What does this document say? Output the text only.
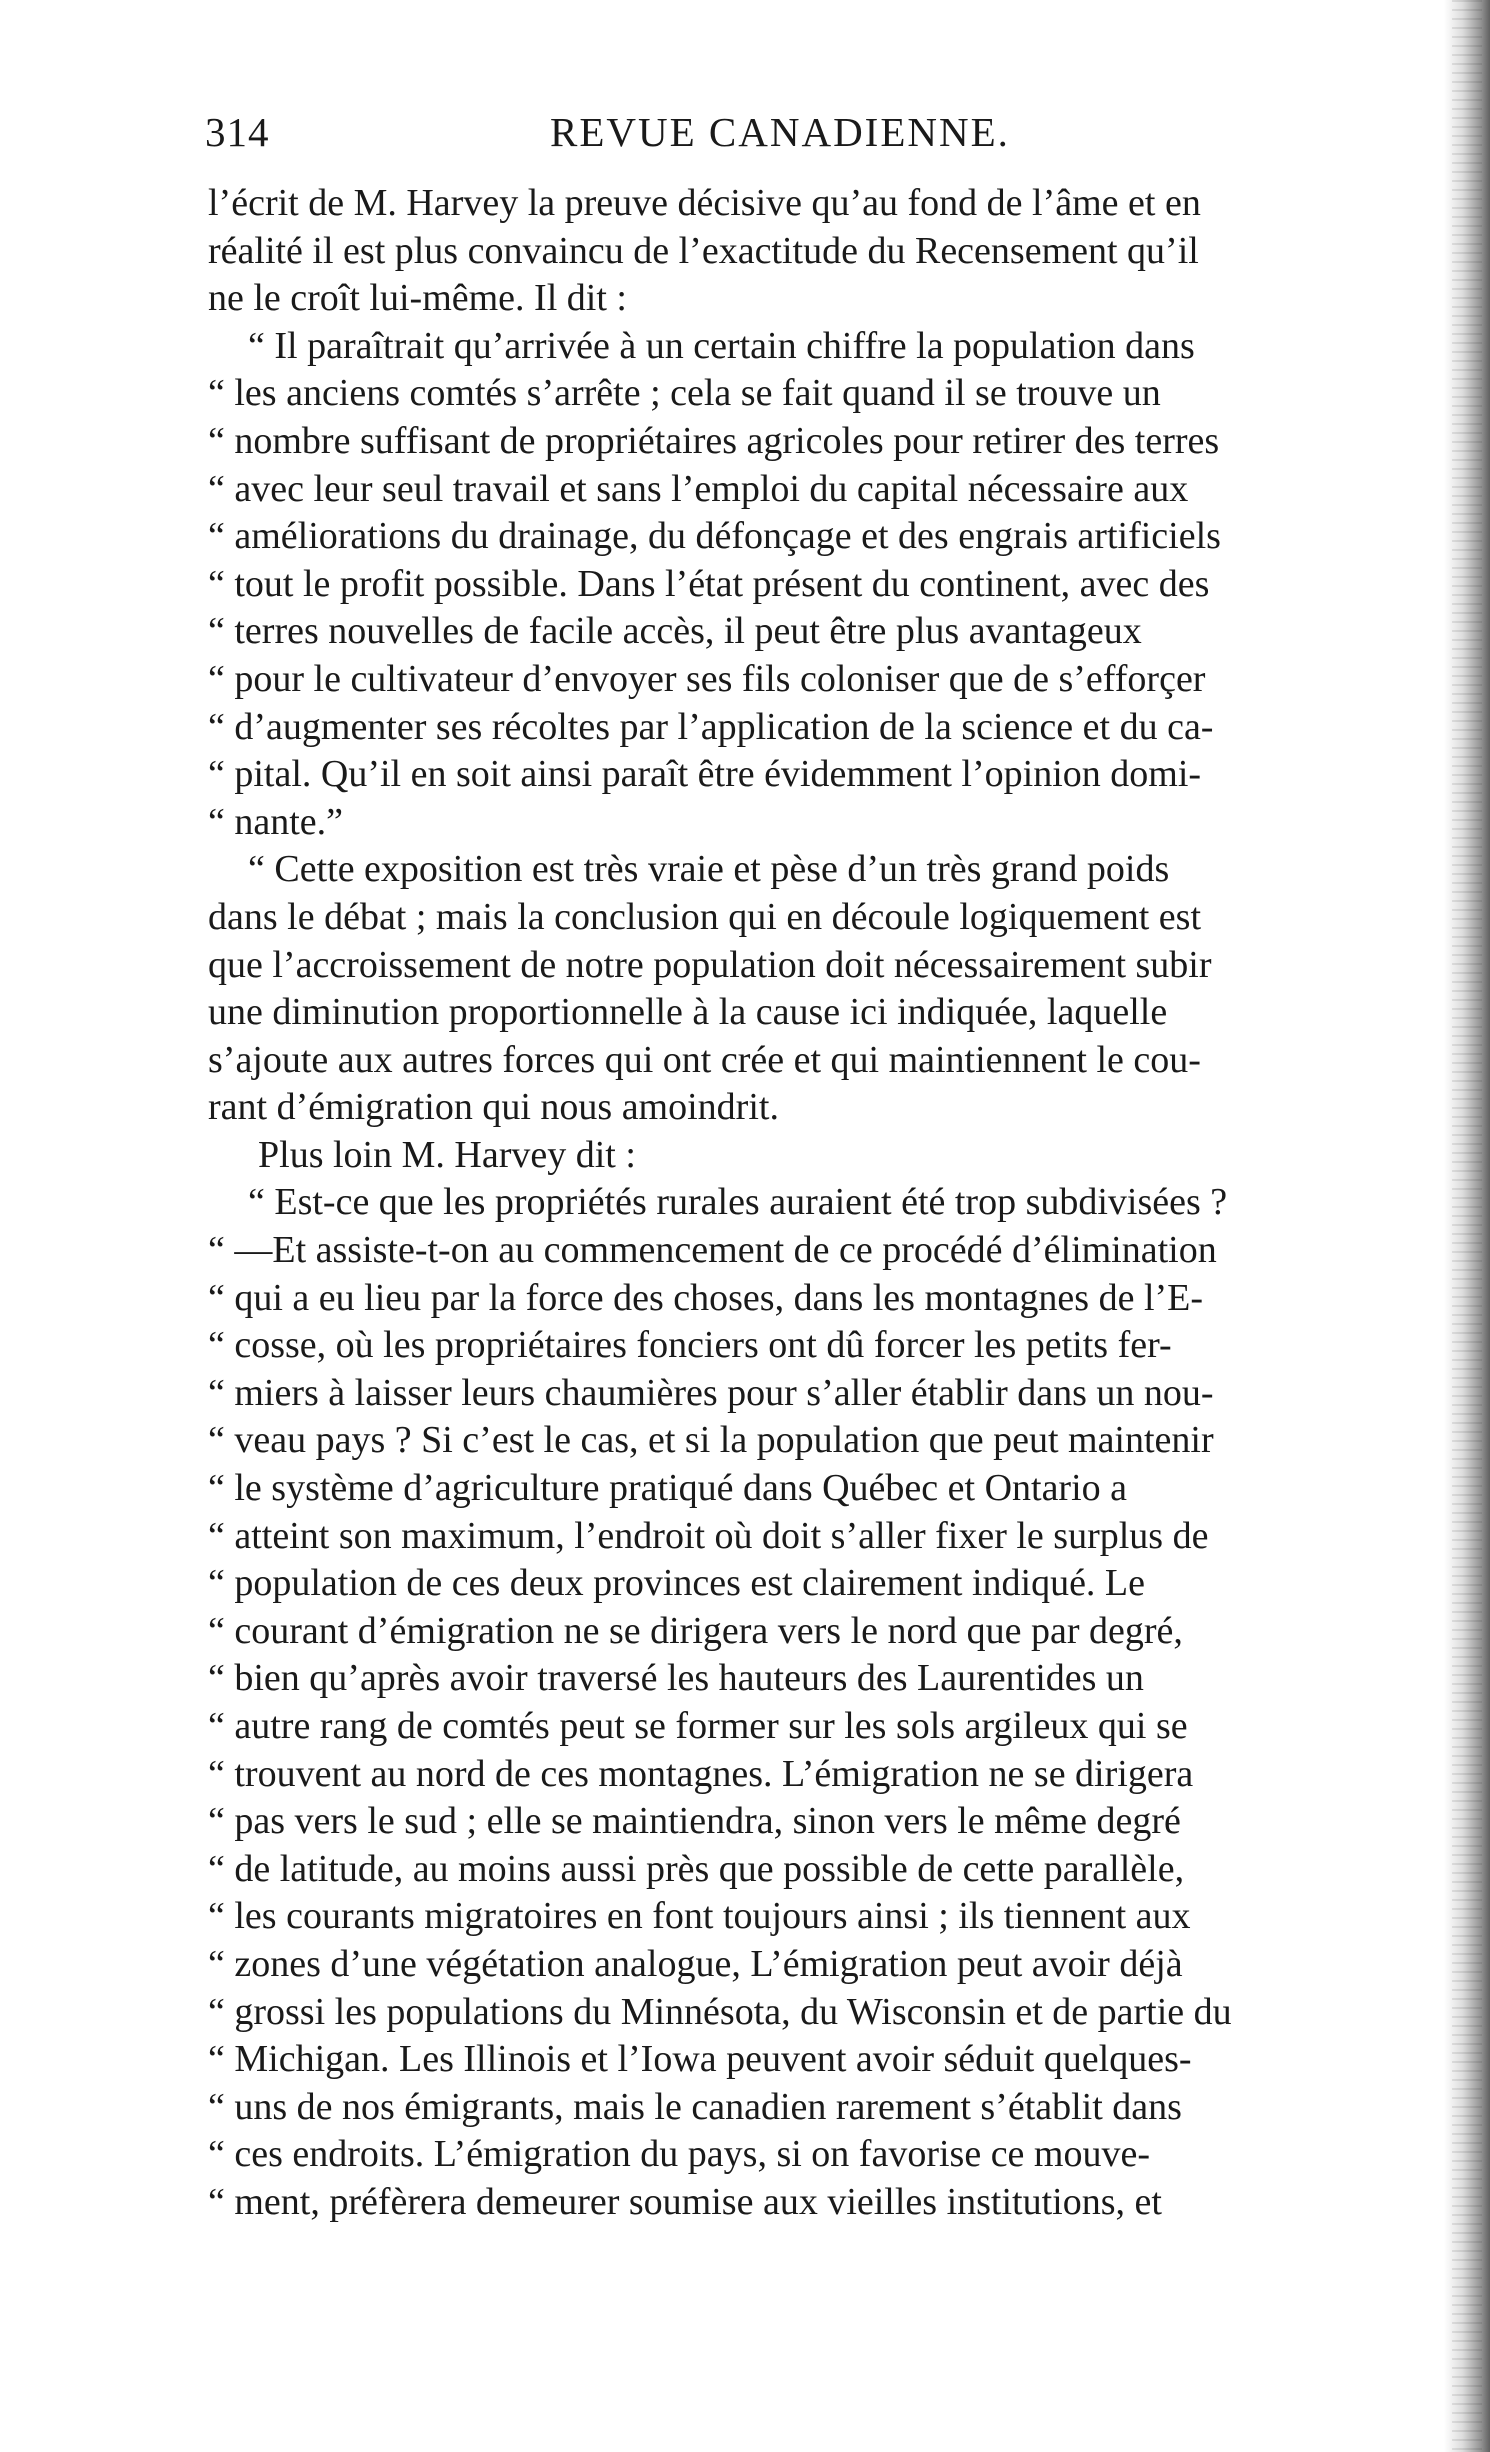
314	REVUE CANADIENNE.
l’écrit de M. Harvey la preuve décisive qu’au fond de l’âme et en
réalité il est plus convaincu de l’exactitude du Recensement qu’il
ne le croît lui-même. Il dit :
“ Il paraîtrait qu’arrivée à un certain chiffre la population dans
“ les anciens comtés s’arrête ; cela se fait quand il se trouve un
“ nombre suffisant de propriétaires agricoles pour retirer des terres
“ avec leur seul travail et sans l’emploi du capital nécessaire aux
“ améliorations du drainage, du défonçage et des engrais artificiels
“ tout le profit possible. Dans l’état présent du continent, avec des
“ terres nouvelles de facile accès, il peut être plus avantageux
“ pour le cultivateur d’envoyer ses fils coloniser que de s’efforçer
“ d’augmenter ses récoltes par l’application de la science et du ca-
“ pital. Qu’il en soit ainsi paraît être évidemment l’opinion domi-
“ nante.”
“ Cette exposition est très vraie et pèse d’un très grand poids
dans le débat ; mais la conclusion qui en découle logiquement est
que l’accroissement de notre population doit nécessairement subir
une diminution proportionnelle à la cause ici indiquée, laquelle
s’ajoute aux autres forces qui ont crée et qui maintiennent le cou-
rant d’émigration qui nous amoindrit.
Plus loin M. Harvey dit :
“ Est-ce que les propriétés rurales auraient été trop subdivisées ?
“ —Et assiste-t-on au commencement de ce procédé d’élimination
“ qui a eu lieu par la force des choses, dans les montagnes de l’E-
“ cosse, où les propriétaires fonciers ont dû forcer les petits fer-
“ miers à laisser leurs chaumières pour s’aller établir dans un nou-
“ veau pays ? Si c’est le cas, et si la population que peut maintenir
“ le système d’agriculture pratiqué dans Québec et Ontario a
“ atteint son maximum, l’endroit où doit s’aller fixer le surplus de
“ population de ces deux provinces est clairement indiqué. Le
“ courant d’émigration ne se dirigera vers le nord que par degré,
“ bien qu’après avoir traversé les hauteurs des Laurentides un
“ autre rang de comtés peut se former sur les sols argileux qui se
“ trouvent au nord de ces montagnes. L’émigration ne se dirigera
“ pas vers le sud ; elle se maintiendra, sinon vers le même degré
“ de latitude, au moins aussi près que possible de cette parallèle,
“ les courants migratoires en font toujours ainsi ; ils tiennent aux
“ zones d’une végétation analogue, L’émigration peut avoir déjà
“ grossi les populations du Minnésota, du Wisconsin et de partie du
“ Michigan. Les Illinois et l’Iowa peuvent avoir séduit quelques-
“ uns de nos émigrants, mais le canadien rarement s’établit dans
“ ces endroits. L’émigration du pays, si on favorise ce mouve-
“ ment, préfèrera demeurer soumise aux vieilles institutions, et
